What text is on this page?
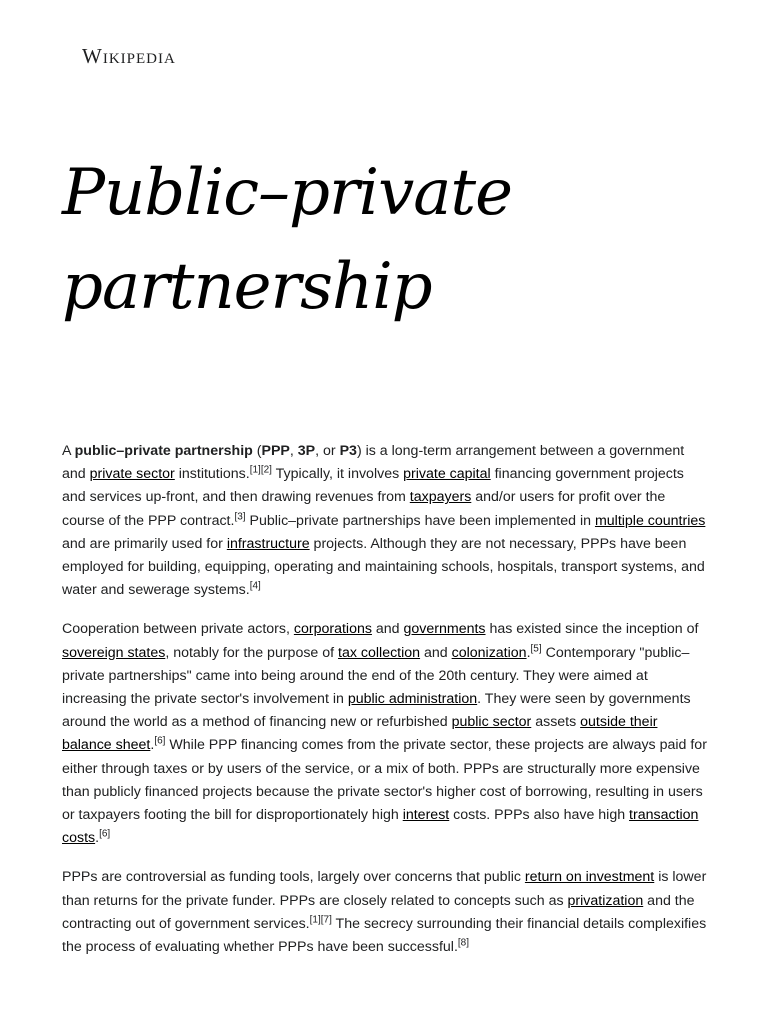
Wikipedia
Public–private partnership

A public–private partnership (PPP, 3P, or P3) is a long-term arrangement between a government and private sector institutions.[1][2] Typically, it involves private capital financing government projects and services up-front, and then drawing revenues from taxpayers and/or users for profit over the course of the PPP contract.[3] Public–private partnerships have been implemented in multiple countries and are primarily used for infrastructure projects. Although they are not necessary, PPPs have been employed for building, equipping, operating and maintaining schools, hospitals, transport systems, and water and sewerage systems.[4]

Cooperation between private actors, corporations and governments has existed since the inception of sovereign states, notably for the purpose of tax collection and colonization.[5] Contemporary "public–private partnerships" came into being around the end of the 20th century. They were aimed at increasing the private sector's involvement in public administration. They were seen by governments around the world as a method of financing new or refurbished public sector assets outside their balance sheet.[6] While PPP financing comes from the private sector, these projects are always paid for either through taxes or by users of the service, or a mix of both. PPPs are structurally more expensive than publicly financed projects because the private sector's higher cost of borrowing, resulting in users or taxpayers footing the bill for disproportionately high interest costs. PPPs also have high transaction costs.[6]

PPPs are controversial as funding tools, largely over concerns that public return on investment is lower than returns for the private funder. PPPs are closely related to concepts such as privatization and the contracting out of government services.[1][7] The secrecy surrounding their financial details complexifies the process of evaluating whether PPPs have been successful.[8]
